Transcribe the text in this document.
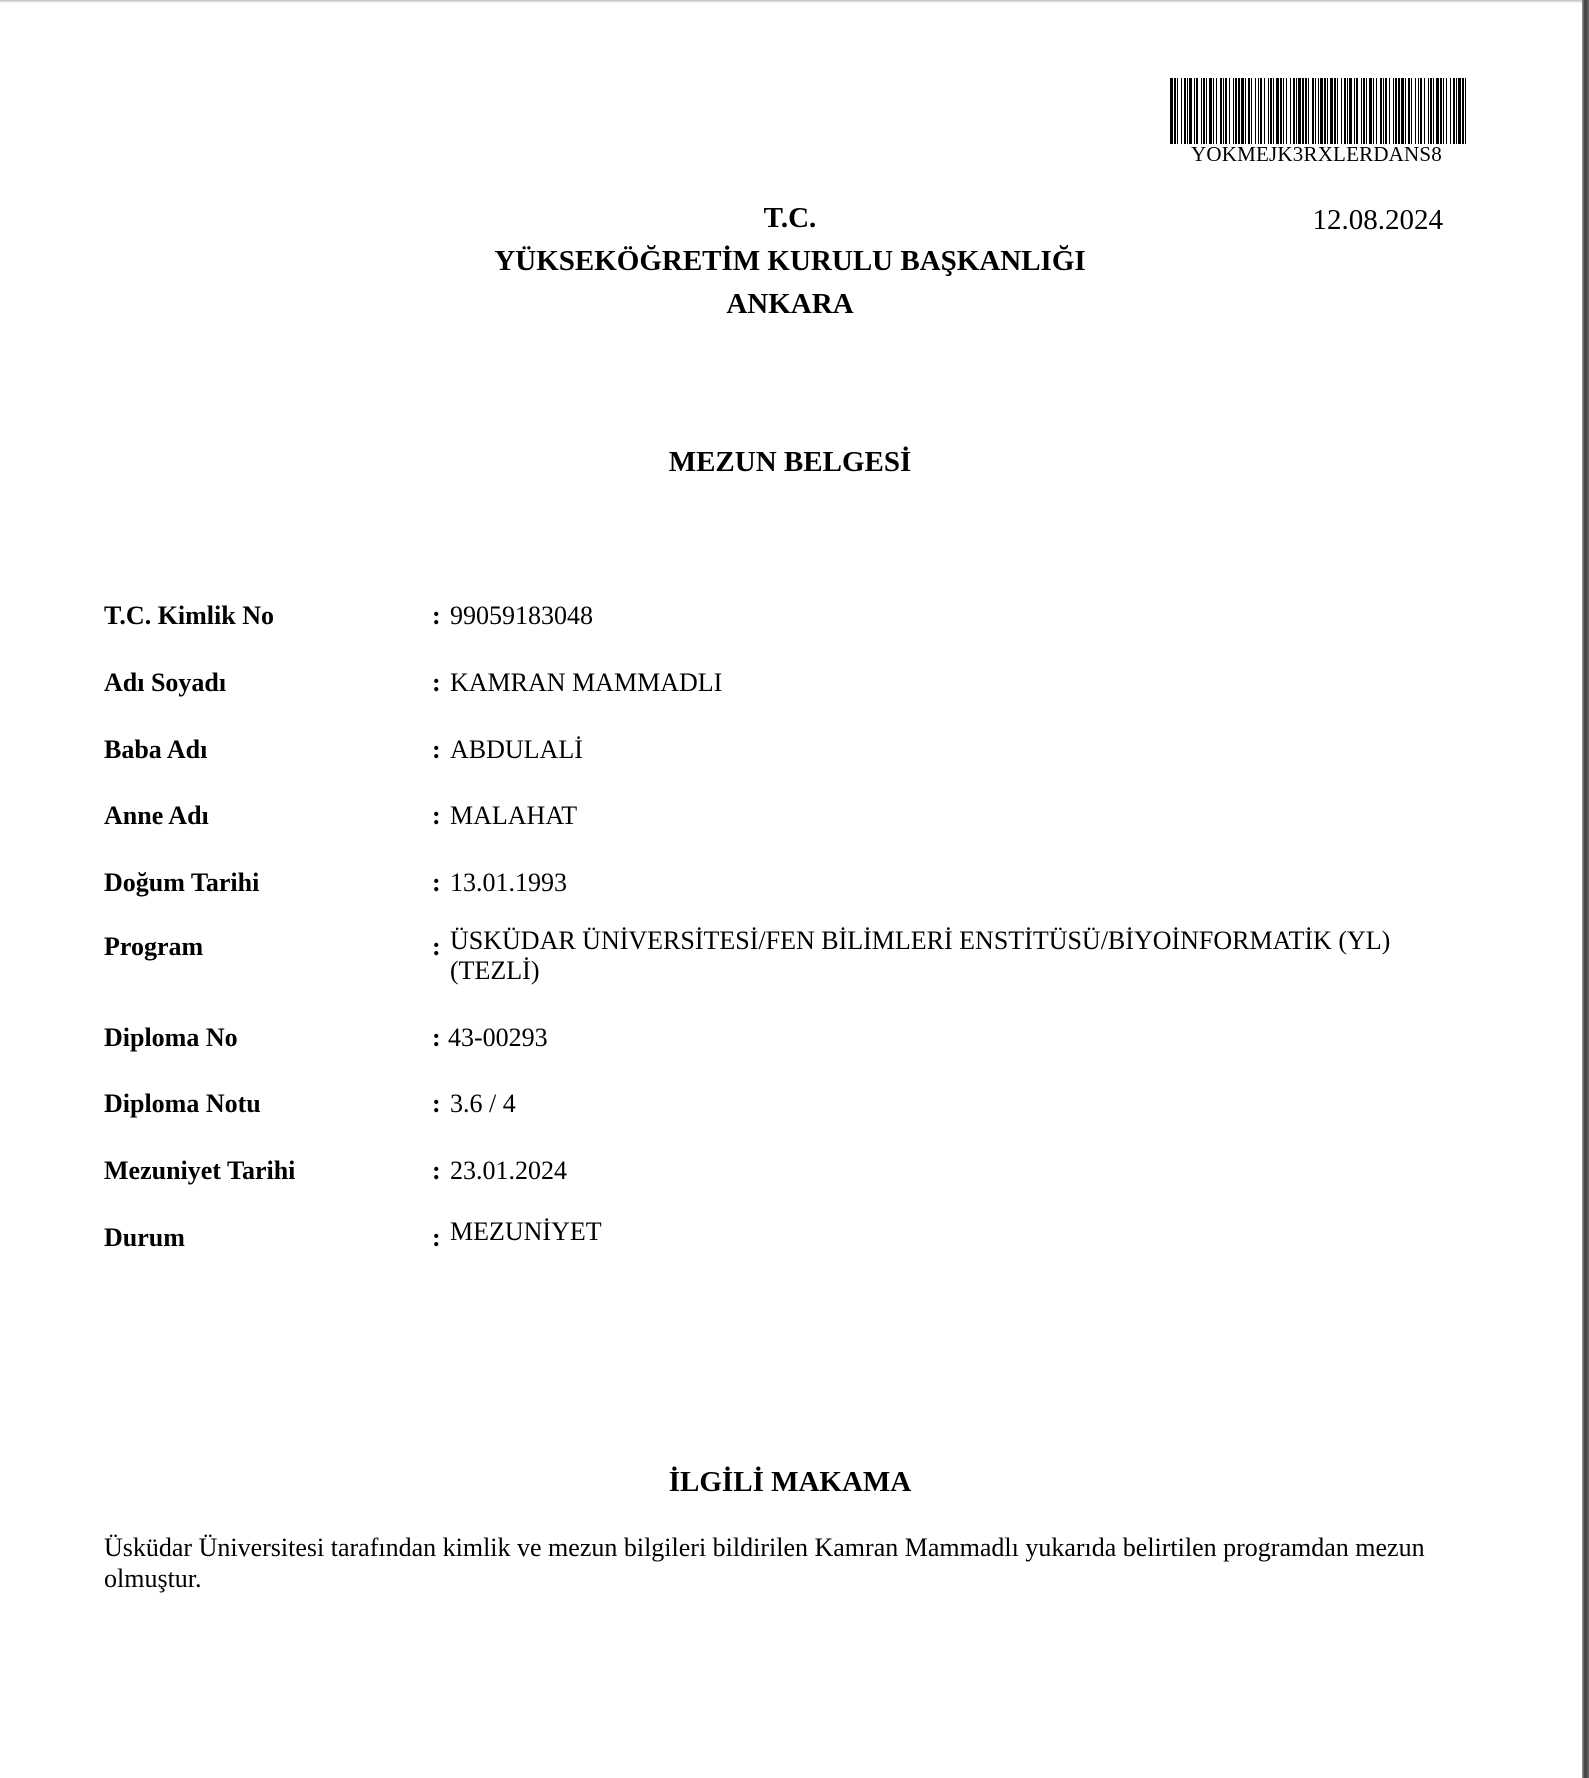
YOKMEJK3RXLERDANS8
12.08.2024
T.C.
YÜKSEKÖĞRETİM KURULU BAŞKANLIĞI
ANKARA
MEZUN BELGESİ
T.C. Kimlik No	: 99059183048
Adı Soyadı	: KAMRAN MAMMADLI
Baba Adı	: ABDULALİ
Anne Adı	: MALAHAT
Doğum Tarihi	: 13.01.1993
Program	: ÜSKÜDAR ÜNİVERSİTESİ/FEN BİLİMLERİ ENSTİTÜSÜ/BİYOİNFORMATİK (YL) (TEZLİ)
Diploma No	: 43-00293
Diploma Notu	: 3.6 / 4
Mezuniyet Tarihi	: 23.01.2024
Durum	: MEZUNİYET
İLGİLİ MAKAMA
Üsküdar Üniversitesi tarafından kimlik ve mezun bilgileri bildirilen Kamran Mammadlı yukarıda belirtilen programdan mezun olmuştur.
